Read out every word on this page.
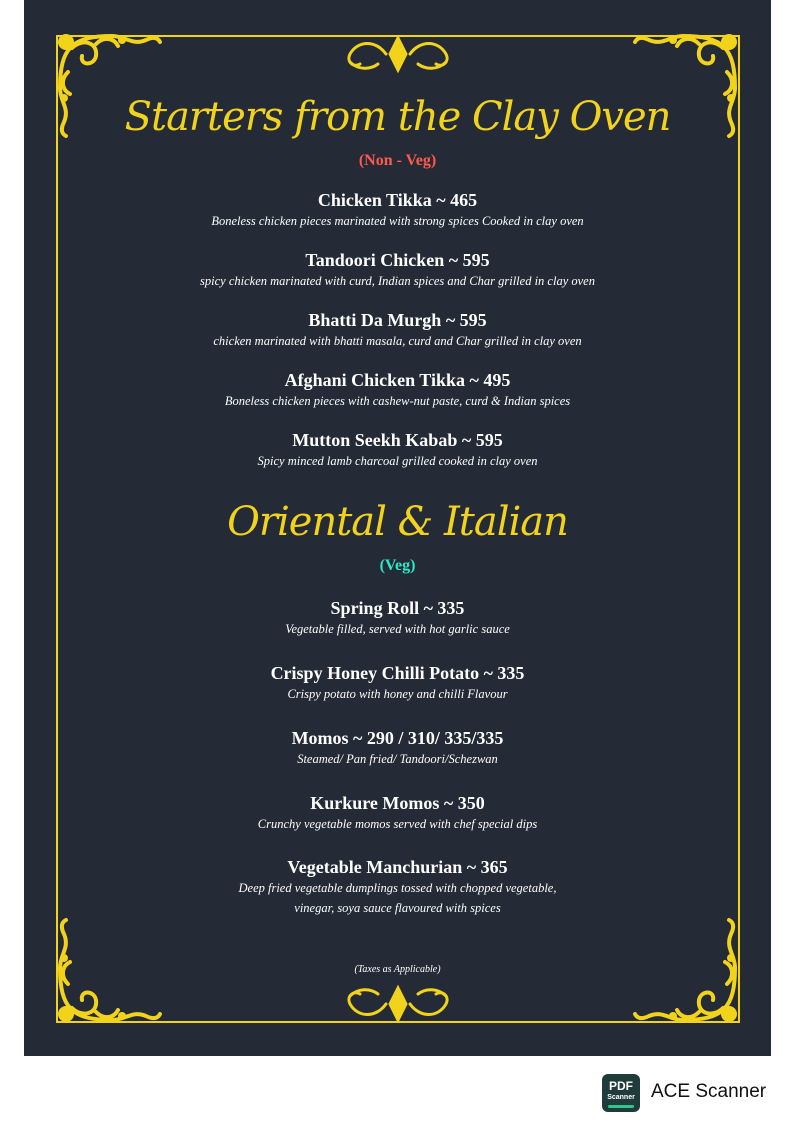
Starters from the Clay Oven
(Non - Veg)
Chicken Tikka ~ 465
Boneless chicken pieces marinated with strong spices Cooked in clay oven
Tandoori Chicken ~ 595
spicy chicken marinated with curd, Indian spices and Char grilled in clay oven
Bhatti Da Murgh ~ 595
chicken marinated with bhatti masala, curd and Char grilled in clay oven
Afghani Chicken Tikka ~ 495
Boneless chicken pieces with cashew-nut paste, curd & Indian spices
Mutton Seekh Kabab ~ 595
Spicy minced lamb charcoal grilled cooked in clay oven
Oriental & Italian
(Veg)
Spring Roll ~ 335
Vegetable filled, served with hot garlic sauce
Crispy Honey Chilli Potato ~ 335
Crispy potato with honey and chilli Flavour
Momos ~ 290 / 310/ 335/335
Steamed/ Pan fried/ Tandoori/Schezwan
Kurkure Momos ~ 350
Crunchy vegetable momos served with chef special dips
Vegetable Manchurian ~ 365
Deep fried vegetable dumplings tossed with chopped vegetable,
vinegar, soya sauce flavoured with spices
(Taxes as Applicable)
PDF
Scanner ACE Scanner
